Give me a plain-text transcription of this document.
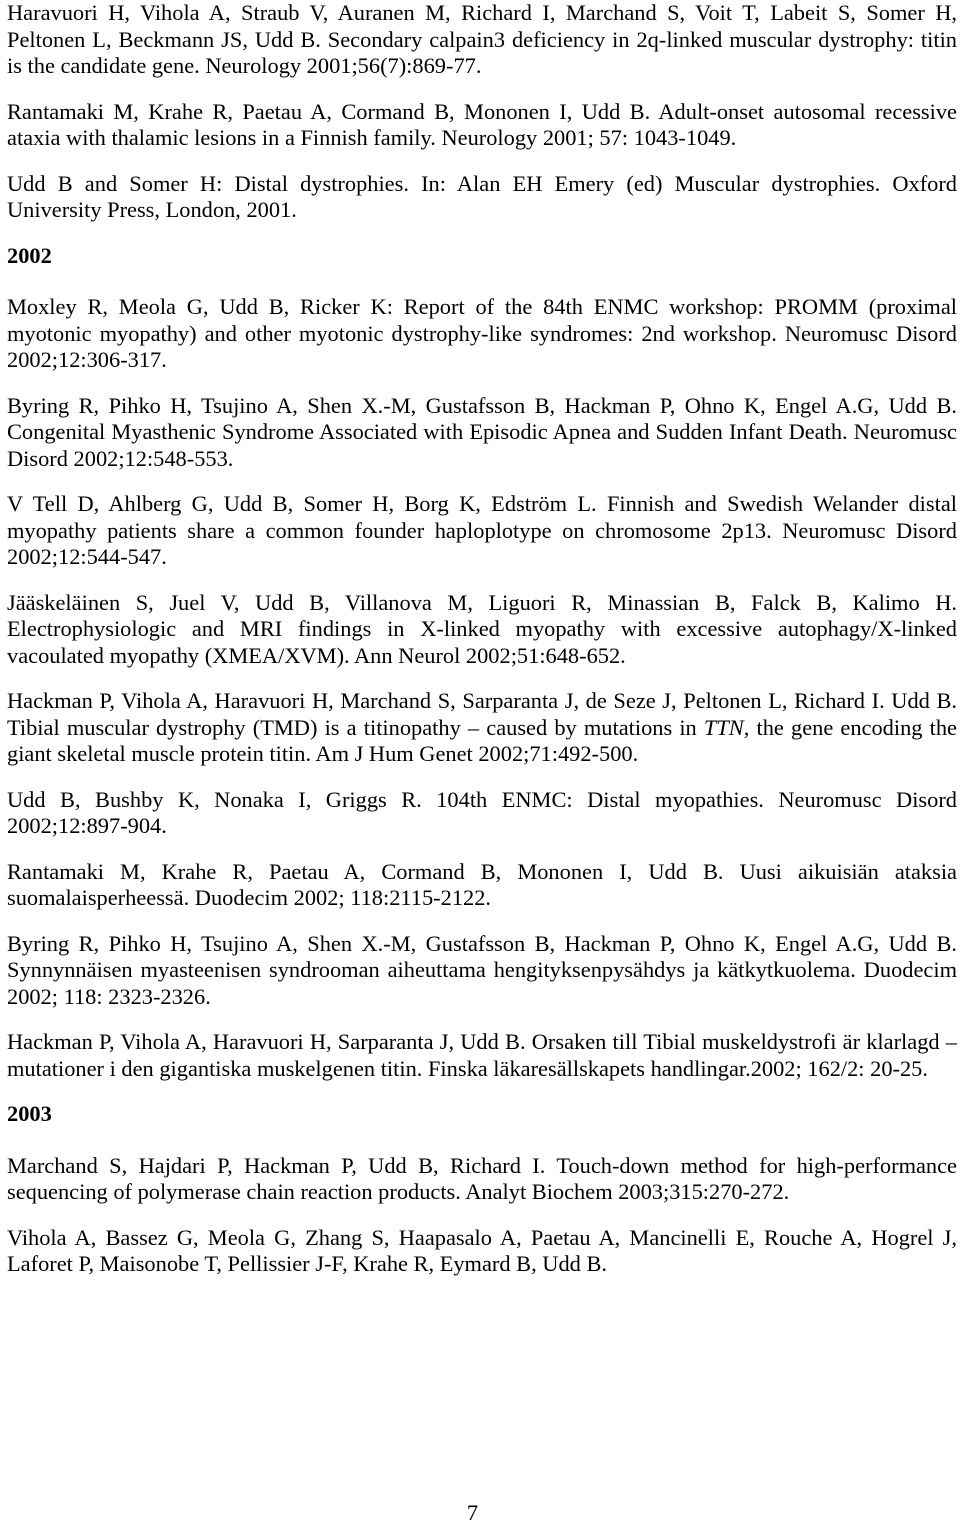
Haravuori H, Vihola A, Straub V, Auranen M, Richard I, Marchand S, Voit T, Labeit S, Somer H, Peltonen L, Beckmann JS, Udd B. Secondary calpain3 deficiency in 2q-linked muscular dystrophy: titin is the candidate gene. Neurology 2001;56(7):869-77.

Rantamaki M, Krahe R, Paetau A, Cormand B, Mononen I, Udd B. Adult-onset autosomal recessive ataxia with thalamic lesions in a Finnish family. Neurology 2001; 57: 1043-1049.

Udd B and Somer H: Distal dystrophies. In: Alan EH Emery (ed) Muscular dystrophies. Oxford University Press, London, 2001.

2002

Moxley R, Meola G, Udd B, Ricker K: Report of the 84th ENMC workshop: PROMM (proximal myotonic myopathy) and other myotonic dystrophy-like syndromes: 2nd workshop. Neuromusc Disord 2002;12:306-317.

Byring R, Pihko H, Tsujino A, Shen X.-M, Gustafsson B, Hackman P, Ohno K, Engel A.G, Udd B. Congenital Myasthenic Syndrome Associated with Episodic Apnea and Sudden Infant Death. Neuromusc Disord 2002;12:548-553.

V Tell D, Ahlberg G, Udd B, Somer H, Borg K, Edström L. Finnish and Swedish Welander distal myopathy patients share a common founder haploplotype on chromosome 2p13. Neuromusc Disord 2002;12:544-547.

Jääskeläinen S, Juel V, Udd B, Villanova M, Liguori R, Minassian B, Falck B, Kalimo H. Electrophysiologic and MRI findings in X-linked myopathy with excessive autophagy/X-linked vacoulated myopathy (XMEA/XVM). Ann Neurol 2002;51:648-652.

Hackman P, Vihola A, Haravuori H, Marchand S, Sarparanta J, de Seze J, Peltonen L, Richard I. Udd B. Tibial muscular dystrophy (TMD) is a titinopathy – caused by mutations in TTN, the gene encoding the giant skeletal muscle protein titin. Am J Hum Genet 2002;71:492-500.

Udd B, Bushby K, Nonaka I, Griggs R. 104th ENMC: Distal myopathies. Neuromusc Disord 2002;12:897-904.

Rantamaki M, Krahe R, Paetau A, Cormand B, Mononen I, Udd B. Uusi aikuisiän ataksia suomalaisperheessä. Duodecim 2002; 118:2115-2122.

Byring R, Pihko H, Tsujino A, Shen X.-M, Gustafsson B, Hackman P, Ohno K, Engel A.G, Udd B. Synnynnäisen myasteenisen syndrooman aiheuttama hengityksenpysähdys ja kätkytkuolema. Duodecim 2002; 118: 2323-2326.

Hackman P, Vihola A, Haravuori H, Sarparanta J, Udd B. Orsaken till Tibial muskeldystrofi är klarlagd – mutationer i den gigantiska muskelgenen titin. Finska läkaresällskapets handlingar.2002; 162/2: 20-25.

2003

Marchand S, Hajdari P, Hackman P, Udd B, Richard I. Touch-down method for high-performance sequencing of polymerase chain reaction products. Analyt Biochem 2003;315:270-272.

Vihola A, Bassez G, Meola G, Zhang S, Haapasalo A, Paetau A, Mancinelli E, Rouche A, Hogrel J, Laforet P, Maisonobe T, Pellissier J-F, Krahe R, Eymard B, Udd B.

7
